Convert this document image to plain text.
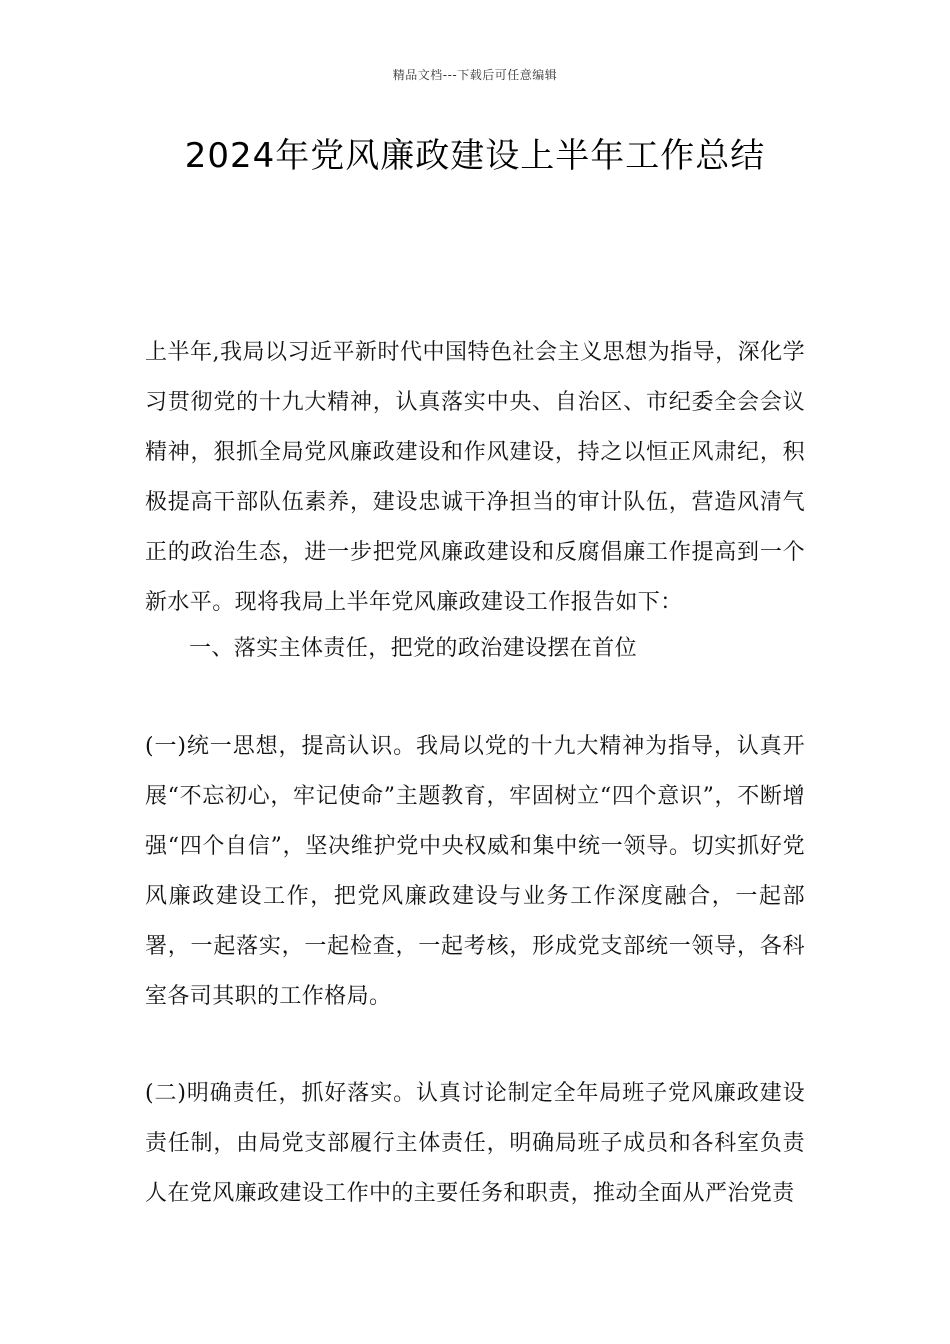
精品文档---下载后可任意编辑
2024年党风廉政建设上半年工作总结

上半年,我局以习近平新时代中国特色社会主义思想为指导，深化学习贯彻党的十九大精神，认真落实中央、自治区、市纪委全会会议精神，狠抓全局党风廉政建设和作风建设，持之以恒正风肃纪，积极提高干部队伍素养，建设忠诚干净担当的审计队伍，营造风清气正的政治生态，进一步把党风廉政建设和反腐倡廉工作提高到一个新水平。现将我局上半年党风廉政建设工作报告如下：

一、落实主体责任，把党的政治建设摆在首位

(一)统一思想，提高认识。我局以党的十九大精神为指导，认真开展“不忘初心，牢记使命”主题教育，牢固树立“四个意识”，不断增强“四个自信”，坚决维护党中央权威和集中统一领导。切实抓好党风廉政建设工作，把党风廉政建设与业务工作深度融合，一起部署，一起落实，一起检查，一起考核，形成党支部统一领导，各科室各司其职的工作格局。

(二)明确责任，抓好落实。认真讨论制定全年局班子党风廉政建设责任制，由局党支部履行主体责任，明确局班子成员和各科室负责人在党风廉政建设工作中的主要任务和职责，推动全面从严治党责
